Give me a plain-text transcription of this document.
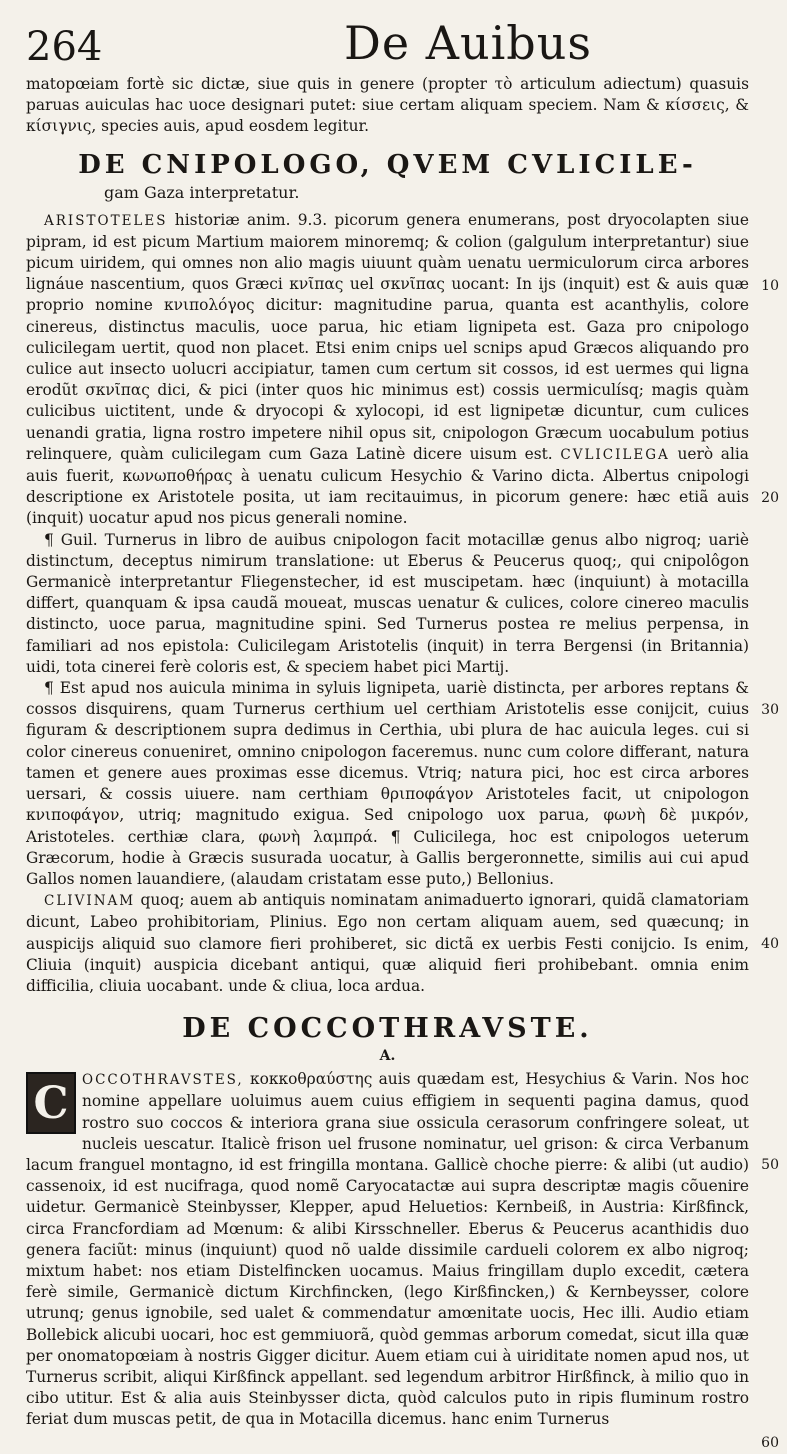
264	De Auibus

matopœiam fortè sic dictæ, siue quis in genere (propter τὸ articulum adiectum) quasuis paruas auiculas hac uoce designari putet: siue certam aliquam speciem. Nam & κίσσεις, & κίσιγνις, species auis, apud eosdem legitur.

DE CNIPOLOGO, QVEM CVLICILE-
gam Gaza interpretatur.

ARISTOTELES historiæ anim. 9.3. picorum genera enumerans, post dryocolapten siue pipram, id est picum Martium maiorem minoremq; & colion (galgulum interpretantur) siue picum uiridem, qui omnes non alio magis uiuunt quàm uenatu uermiculorum circa arbores lignáue nascentium, quos Græci κνῖπας uel σκνῖπας uocant: In ijs (inquit) est & auis quæ proprio nomine κνιπολόγος dicitur: magnitudine parua, quanta est acanthylis, colore cinereus, distinctus maculis, uoce parua, hic etiam lignipeta est. Gaza pro cnipologo culicilegam uertit, quod non placet. Etsi enim cnips uel scnips apud Græcos aliquando pro culice aut insecto uolucri accipiatur, tamen cum certum sit cossos, id est uermes qui ligna erodũt σκνῖπας dici, & pici (inter quos hic minimus est) cossis uermiculísq; magis quàm culicibus uictitent, unde & dryocopi & xylocopi, id est lignipetæ dicuntur, cum culices uenandi gratia, ligna rostro impetere nihil opus sit, cnipologon Græcum uocabulum potius relinquere, quàm culicilegam cum Gaza Latinè dicere uisum est. CVLICILEGA uerò alia auis fuerit, κωνωποθήρας à uenatu culicum Hesychio & Varino dicta. Albertus cnipologi descriptione ex Aristotele posita, ut iam recitauimus, in picorum genere: hæc etiã auis (inquit) uocatur apud nos picus generali nomine.
10
20

¶ Guil. Turnerus in libro de auibus cnipologon facit motacillæ genus albo nigroq; uariè distinctum, deceptus nimirum translatione: ut Eberus & Peucerus quoq;, qui cnipolôgon Germanicè interpretantur Fliegenstecher, id est muscipetam. hæc (inquiunt) à motacilla differt, quanquam & ipsa caudã moueat, muscas uenatur & culices, colore cinereo maculis distincto, uoce parua, magnitudine spini. Sed Turnerus postea re melius perpensa, in familiari ad nos epistola: Culicilegam Aristotelis (inquit) in terra Bergensi (in Britannia) uidi, tota cinerei ferè coloris est, & speciem habet pici Martij.

¶ Est apud nos auicula minima in syluis lignipeta, uariè distincta, per arbores reptans & cossos disquirens, quam Turnerus certhium uel certhiam Aristotelis esse conijcit, cuius figuram & descriptionem supra dedimus in Certhia, ubi plura de hac auicula leges. cui si color cinereus conueniret, omnino cnipologon faceremus. nunc cum colore differant, natura tamen et genere aues proximas esse dicemus. Vtriq; natura pici, hoc est circa arbores uersari, & cossis uiuere. nam certhiam θριποφάγον Aristoteles facit, ut cnipologon κνιποφάγον, utriq; magnitudo exigua. Sed cnipologo uox parua, φωνὴ δὲ μικρόν, Aristoteles. certhiæ clara, φωνὴ λαμπρά. ¶ Culicilega, hoc est cnipologos ueterum Græcorum, hodie à Græcis susurada uocatur, à Gallis bergeronnette, similis aui cui apud Gallos nomen lauandiere, (alaudam cristatam esse puto,) Bellonius.
30

CLIVINAM quoq; auem ab antiquis nominatam animaduerto ignorari, quidã clamatoriam dicunt, Labeo prohibitoriam, Plinius. Ego non certam aliquam auem, sed quæcunq; in auspicijs aliquid suo clamore fieri prohiberet, sic dictã ex uerbis Festi conijcio. Is enim, Cliuia (inquit) auspicia dicebant antiqui, quæ aliquid fieri prohibebant. omnia enim difficilia, cliuia uocabant. unde & cliua, loca ardua.
40

DE COCCOTHRAVSTE.
A.

C OCCOTHRAVSTES, κοκκοθραύστης auis quædam est, Hesychius & Varin. Nos hoc nomine appellare uoluimus auem cuius effigiem in sequenti pagina damus, quod rostro suo coccos & interiora grana siue ossicula cerasorum confringere soleat, ut nucleis uescatur. Italicè frison uel frusone nominatur, uel grison: & circa Verbanum lacum franguel montagno, id est fringilla montana. Gallicè choche pierre: & alibi (ut audio) cassenoix, id est nucifraga, quod nomẽ Caryocatactæ aui supra descriptæ magis cõuenire uidetur. Germanicè Steinbysser, Klepper, apud Heluetios: Kernbeiß, in Austria: Kirßfinck, circa Francfordiam ad Mœnum: & alibi Kirsschneller. Eberus & Peucerus acanthidis duo genera faciũt: minus (inquiunt) quod nõ ualde dissimile cardueli colorem ex albo nigroq; mixtum habet: nos etiam Distelfincken uocamus. Maius fringillam duplo excedit, cætera ferè simile, Germanicè dictum Kirchfincken, (lego Kirßfincken,) & Kernbeysser, colore utrunq; genus ignobile, sed ualet & commendatur amœnitate uocis, Hec illi. Audio etiam Bollebick alicubi uocari, hoc est gemmiuorã, quòd gemmas arborum comedat, sicut illa quæ per onomatopœiam à nostris Gigger dicitur. Auem etiam cui à uiriditate nomen apud nos, ut Turnerus scribit, aliqui Kirßfinck appellant. sed legendum arbitror Hirßfinck, à milio quo in cibo utitur. Est & alia auis Steinbysser dicta, quòd calculos puto in ripis fluminum rostro feriat dum muscas petit, de qua in Motacilla dicemus. hanc enim Turnerus
50
60
